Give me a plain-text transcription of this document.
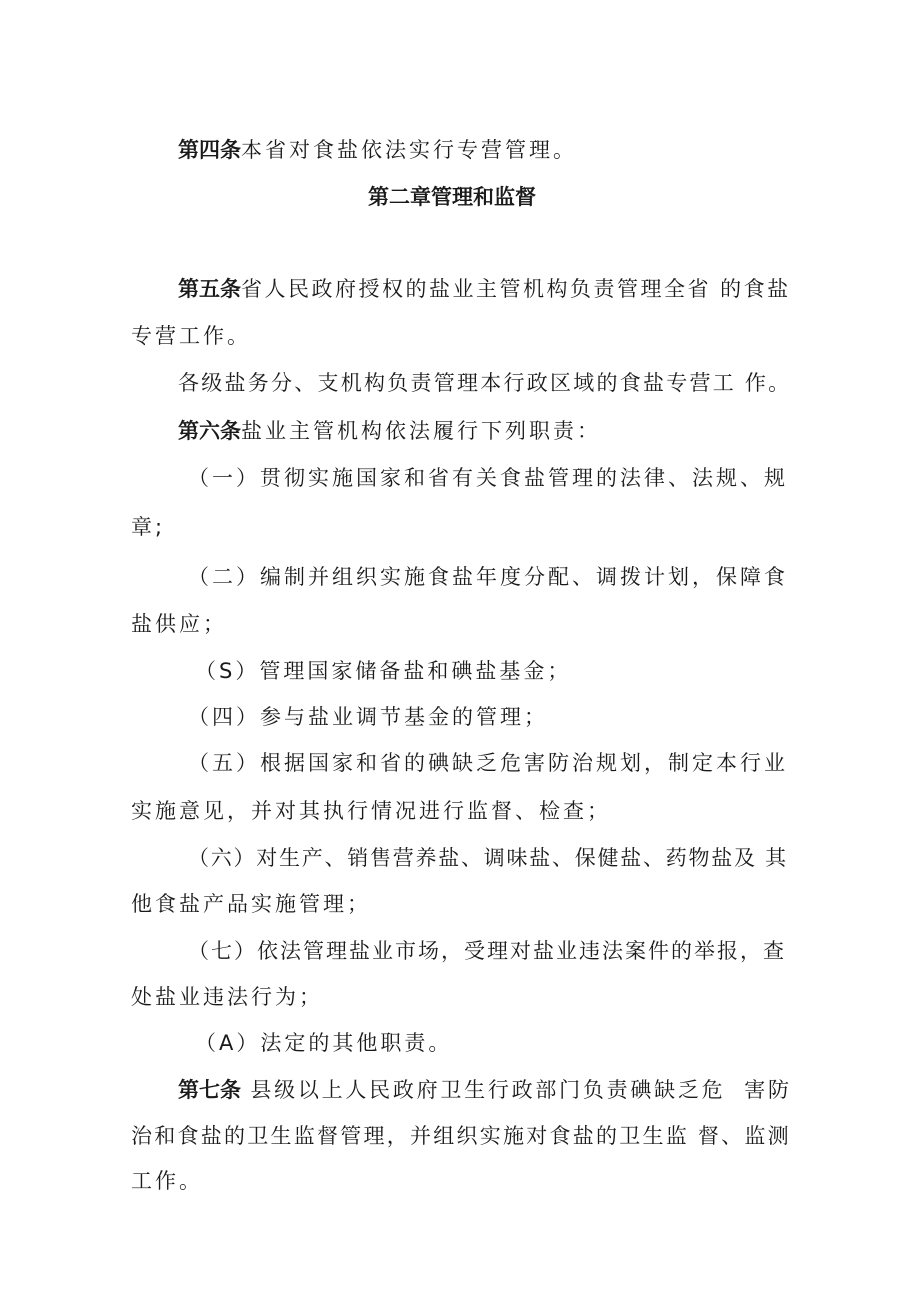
第四条本省对食盐依法实行专营管理。
第二章管理和监督
第五条省人民政府授权的盐业主管机构负责管理全省 的食盐
专营工作。
各级盐务分、支机构负责管理本行政区域的食盐专营工 作。
第六条盐业主管机构依法履行下列职责：
（一）贯彻实施国家和省有关食盐管理的法律、法规、规
章;
（二）编制并组织实施食盐年度分配、调拨计划，保障食
盐供应；
（S）管理国家储备盐和碘盐基金；
（四）参与盐业调节基金的管理；
（五）根据国家和省的碘缺乏危害防治规划，制定本行业
实施意见，并对其执行情况进行监督、检查；
（六）对生产、销售营养盐、调味盐、保健盐、药物盐及 其
他食盐产品实施管理；
（七）依法管理盐业市场，受理对盐业违法案件的举报，查
处盐业违法行为；
（A）法定的其他职责。
第七条 县级以上人民政府卫生行政部门负责碘缺乏危  害防
治和食盐的卫生监督管理，并组织实施对食盐的卫生监 督、监测
工作。
